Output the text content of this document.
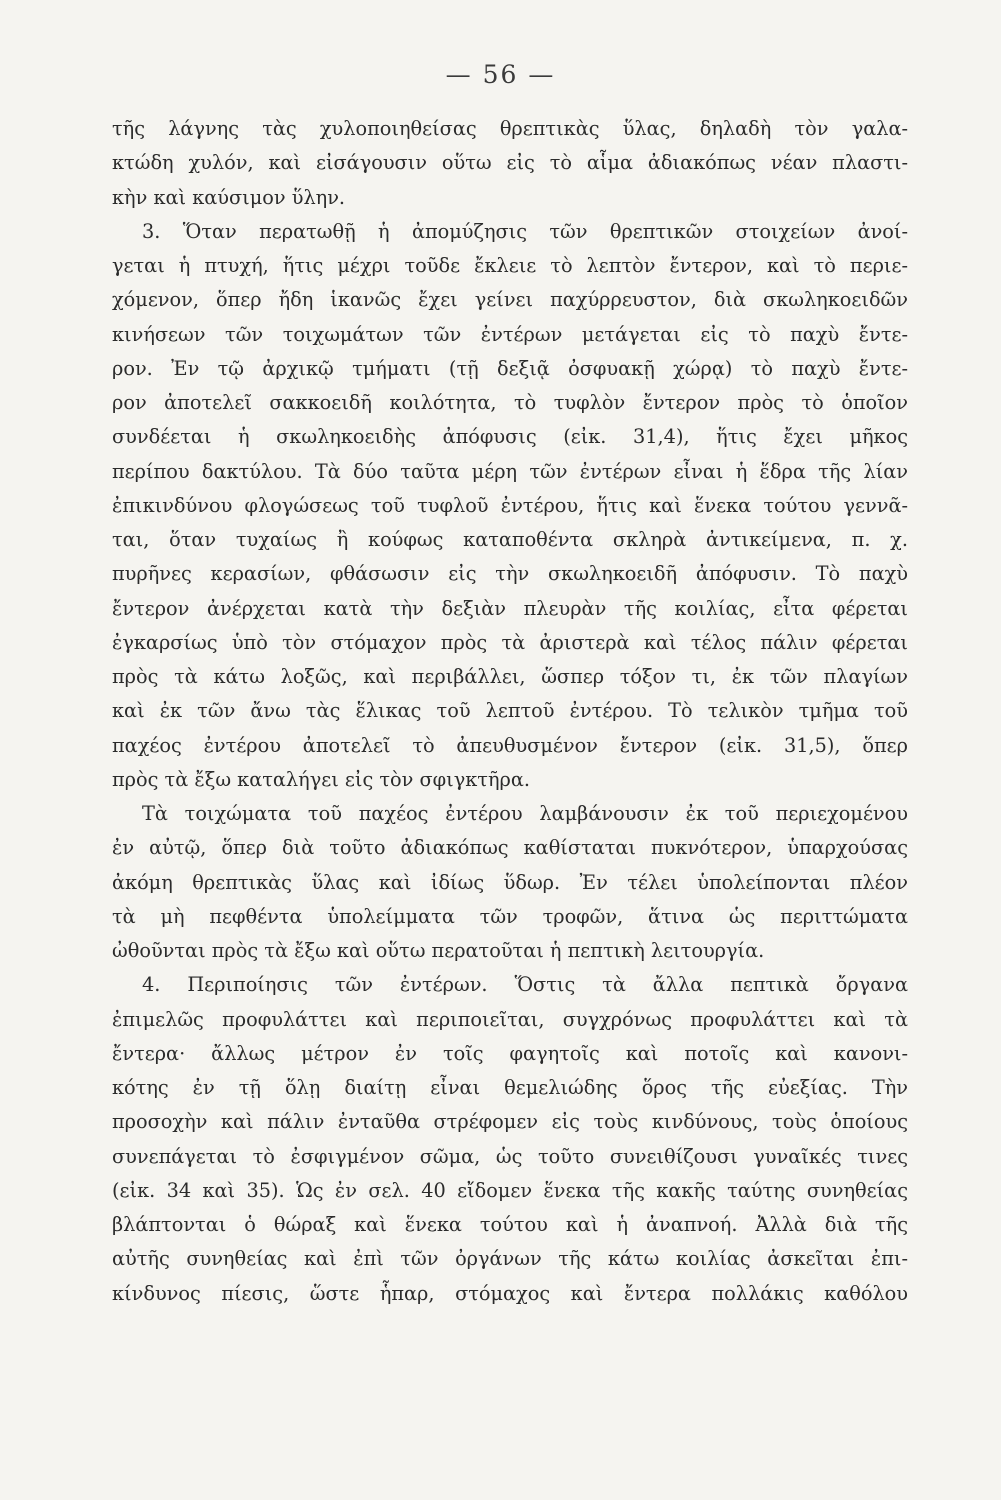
— 56 —
τῆς λάγνης τὰς χυλοποιηθείσας θρεπτικὰς ὕλας, δηλαδὴ τὸν γαλα-
κτώδη χυλόν, καὶ εἰσάγουσιν οὕτω εἰς τὸ αἷμα ἀδιακόπως νέαν πλαστι-
κὴν καὶ καύσιμον ὕλην.
3. Ὅταν περατωθῇ ἡ ἀπομύζησις τῶν θρεπτικῶν στοιχείων ἀνοί-
γεται ἡ πτυχή, ἥτις μέχρι τοῦδε ἔκλειε τὸ λεπτὸν ἔντερον, καὶ τὸ περιε-
χόμενον, ὅπερ ἤδη ἱκανῶς ἔχει γείνει παχύρρευστον, διὰ σκωληκοειδῶν
κινήσεων τῶν τοιχωμάτων τῶν ἐντέρων μετάγεται εἰς τὸ παχὺ ἔντε-
ρον. Ἐν τῷ ἀρχικῷ τμήματι (τῇ δεξιᾷ ὀσφυακῇ χώρᾳ) τὸ παχὺ ἔντε-
ρον ἀποτελεῖ σακκοειδῆ κοιλότητα, τὸ τυφλὸν ἔντερον πρὸς τὸ ὁποῖον
συνδέεται ἡ σκωληκοειδὴς ἀπόφυσις (εἰκ. 31,4), ἥτις ἔχει μῆκος
περίπου δακτύλου. Τὰ δύο ταῦτα μέρη τῶν ἐντέρων εἶναι ἡ ἕδρα τῆς λίαν
ἐπικινδύνου φλογώσεως τοῦ τυφλοῦ ἐντέρου, ἥτις καὶ ἕνεκα τούτου γεννᾶ-
ται, ὅταν τυχαίως ἢ κούφως καταποθέντα σκληρὰ ἀντικείμενα, π. χ.
πυρῆνες κερασίων, φθάσωσιν εἰς τὴν σκωληκοειδῆ ἀπόφυσιν. Τὸ παχὺ
ἔντερον ἀνέρχεται κατὰ τὴν δεξιὰν πλευρὰν τῆς κοιλίας, εἶτα φέρεται
ἐγκαρσίως ὑπὸ τὸν στόμαχον πρὸς τὰ ἀριστερὰ καὶ τέλος πάλιν φέρεται
πρὸς τὰ κάτω λοξῶς, καὶ περιβάλλει, ὥσπερ τόξον τι, ἐκ τῶν πλαγίων
καὶ ἐκ τῶν ἄνω τὰς ἕλικας τοῦ λεπτοῦ ἐντέρου. Τὸ τελικὸν τμῆμα τοῦ
παχέος ἐντέρου ἀποτελεῖ τὸ ἀπευθυσμένον ἔντερον (εἰκ. 31,5), ὅπερ
πρὸς τὰ ἔξω καταλήγει εἰς τὸν σφιγκτῆρα.
Τὰ τοιχώματα τοῦ παχέος ἐντέρου λαμβάνουσιν ἐκ τοῦ περιεχομένου
ἐν αὐτῷ, ὅπερ διὰ τοῦτο ἀδιακόπως καθίσταται πυκνότερον, ὑπαρχούσας
ἀκόμη θρεπτικὰς ὕλας καὶ ἰδίως ὕδωρ. Ἐν τέλει ὑπολείπονται πλέον
τὰ μὴ πεφθέντα ὑπολείμματα τῶν τροφῶν, ἅτινα ὡς περιττώματα
ὠθοῦνται πρὸς τὰ ἔξω καὶ οὕτω περατοῦται ἡ πεπτικὴ λειτουργία.
4. Περιποίησις τῶν ἐντέρων. Ὅστις τὰ ἄλλα πεπτικὰ ὄργανα
ἐπιμελῶς προφυλάττει καὶ περιποιεῖται, συγχρόνως προφυλάττει καὶ τὰ
ἔντερα· ἄλλως μέτρον ἐν τοῖς φαγητοῖς καὶ ποτοῖς καὶ κανονι-
κότης ἐν τῇ ὅλῃ διαίτῃ εἶναι θεμελιώδης ὅρος τῆς εὐεξίας. Τὴν
προσοχὴν καὶ πάλιν ἐνταῦθα στρέφομεν εἰς τοὺς κινδύνους, τοὺς ὁποίους
συνεπάγεται τὸ ἐσφιγμένον σῶμα, ὡς τοῦτο συνειθίζουσι γυναῖκές τινες
(εἰκ. 34 καὶ 35). Ὡς ἐν σελ. 40 εἴδομεν ἕνεκα τῆς κακῆς ταύτης συνηθείας
βλάπτονται ὁ θώραξ καὶ ἕνεκα τούτου καὶ ἡ ἀναπνοή. Ἀλλὰ διὰ τῆς
αὐτῆς συνηθείας καὶ ἐπὶ τῶν ὀργάνων τῆς κάτω κοιλίας ἀσκεῖται ἐπι-
κίνδυνος πίεσις, ὥστε ἧπαρ, στόμαχος καὶ ἔντερα πολλάκις καθόλου
